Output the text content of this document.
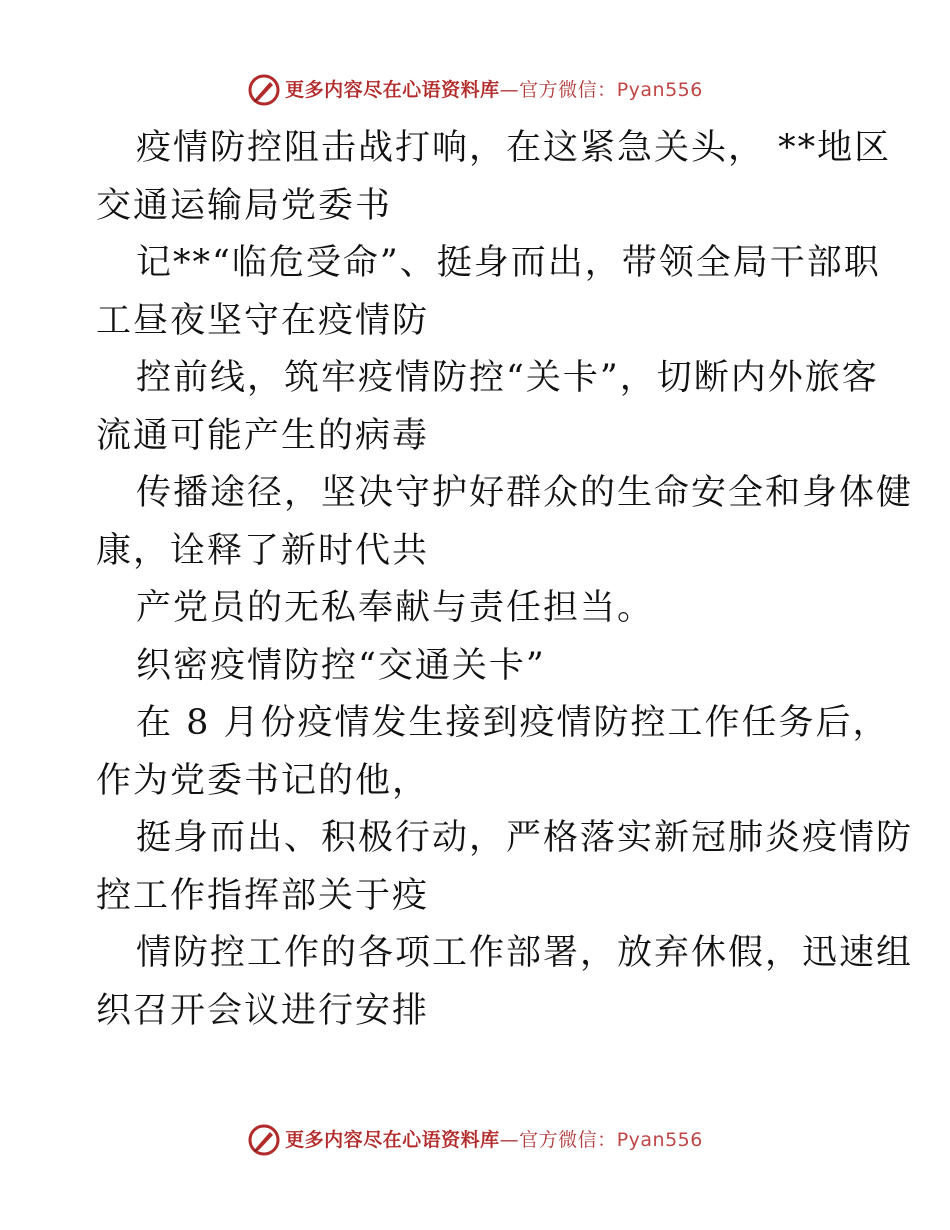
更多内容尽在心语资料库—官方微信：Pyan556
疫情防控阻击战打响，在这紧急关头， **地区
交通运输局党委书
记**“临危受命”、挺身而出，带领全局干部职
工昼夜坚守在疫情防
控前线，筑牢疫情防控“关卡”，切断内外旅客
流通可能产生的病毒
传播途径，坚决守护好群众的生命安全和身体健
康，诠释了新时代共
产党员的无私奉献与责任担当。
织密疫情防控“交通关卡”
在 8 月份疫情发生接到疫情防控工作任务后，
作为党委书记的他，
挺身而出、积极行动，严格落实新冠肺炎疫情防
控工作指挥部关于疫
情防控工作的各项工作部署，放弃休假，迅速组
织召开会议进行安排
更多内容尽在心语资料库—官方微信：Pyan556
